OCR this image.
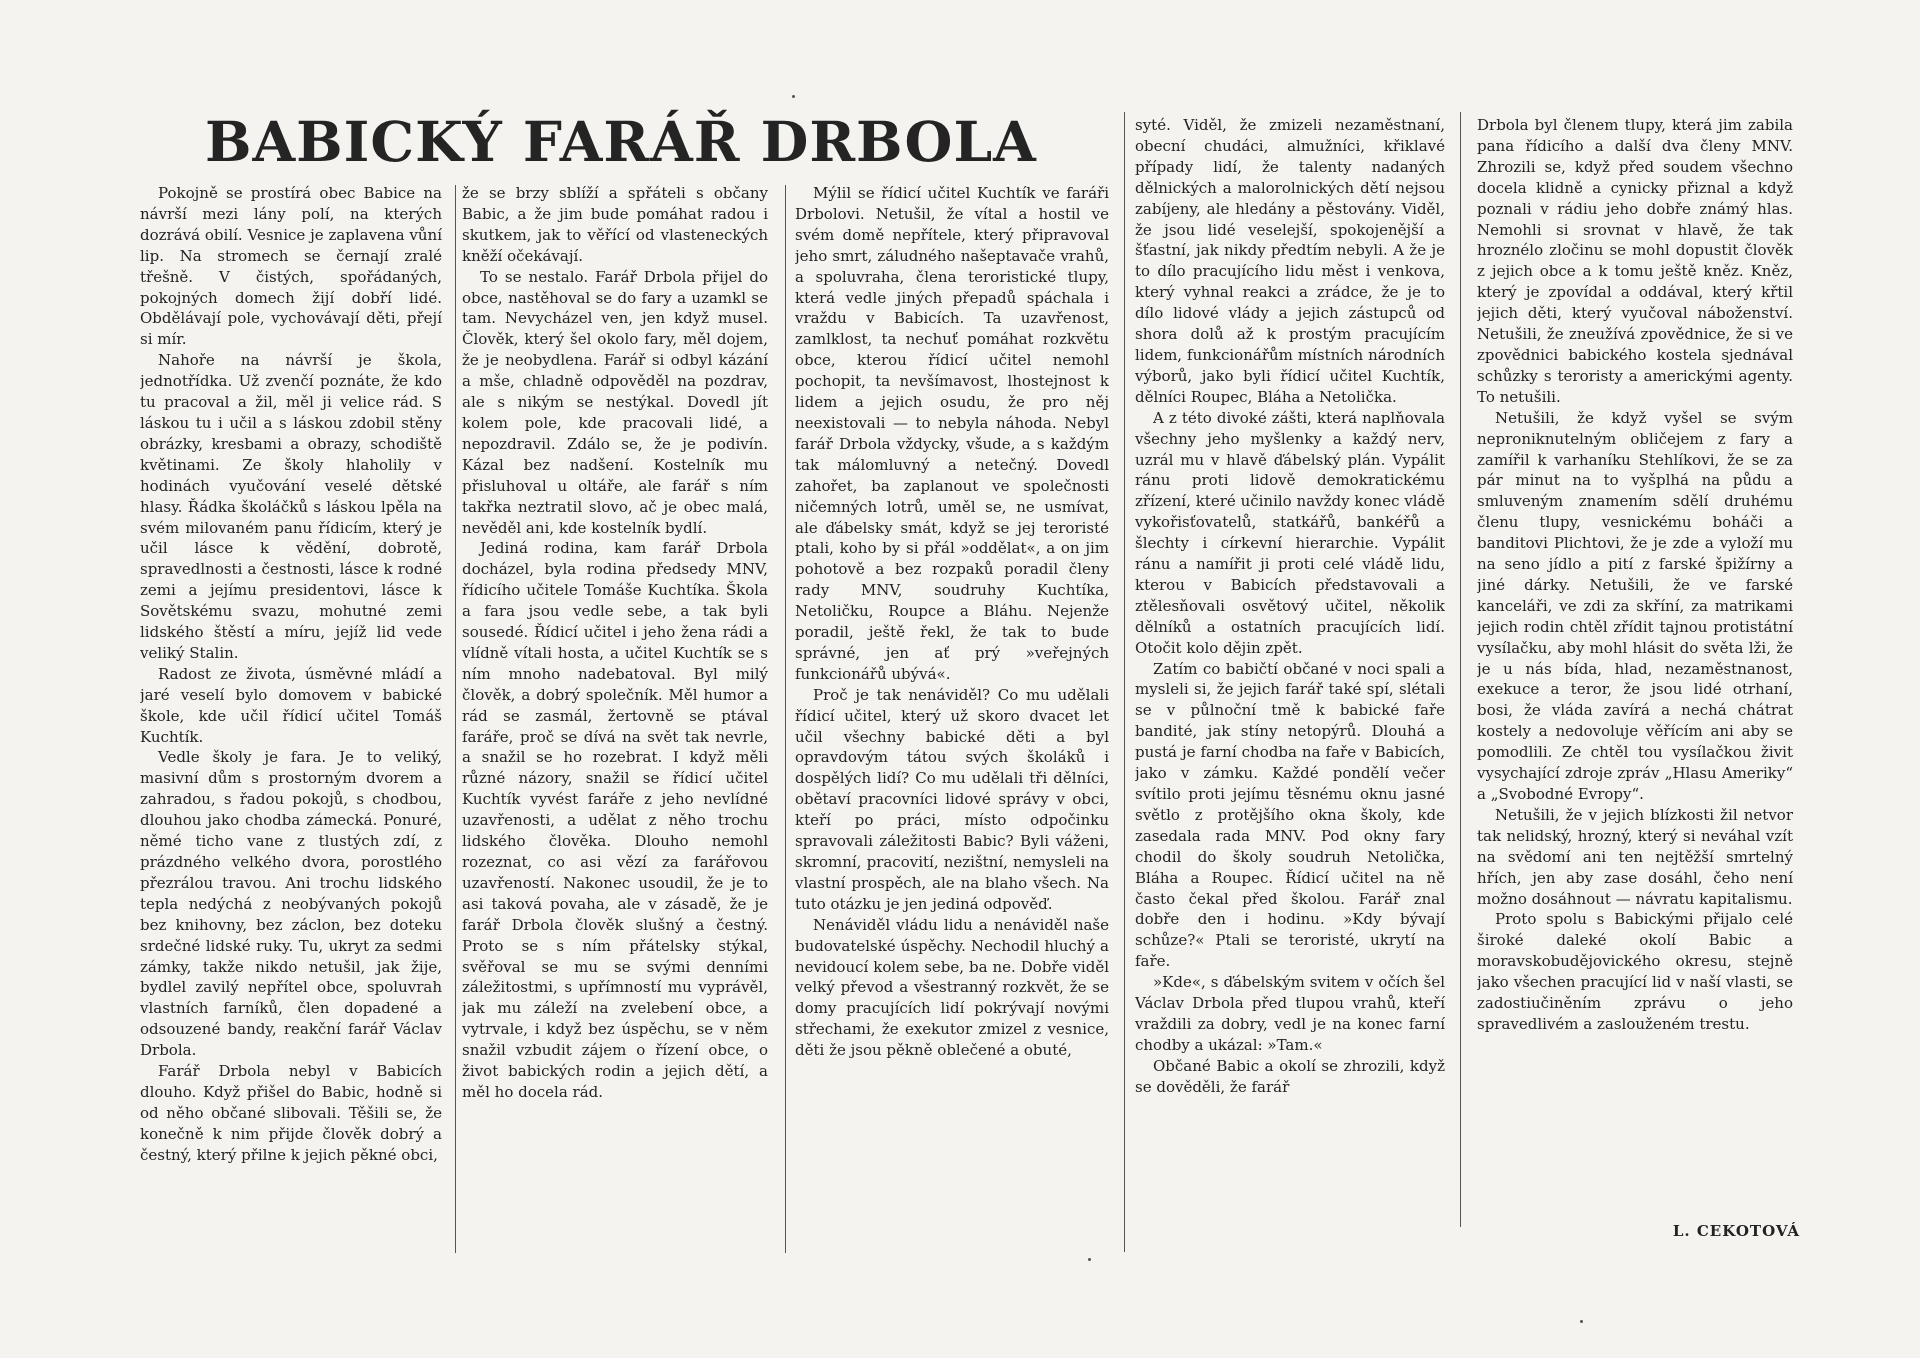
BABICKÝ FARÁŘ DRBOLA

Pokojně se prostírá obec Babice na návrší mezi lány polí, na kterých dozrává obilí. Vesnice je zaplavena vůní lip. Na stromech se černají zralé třešně. V čistých, spořádaných, pokojných domech žijí dobří lidé. Obdělávají pole, vychovávají děti, přejí si mír.

Nahoře na návrší je škola, jednotřídka. Už zvenčí poznáte, že kdo tu pracoval a žil, měl ji velice rád. S láskou tu i učil a s láskou zdobil stěny obrázky, kresbami a obrazy, schodiště květinami. Ze školy hlaholily v hodinách vyučování veselé dětské hlasy. Řádka školáčků s láskou lpěla na svém milovaném panu řídicím, který je učil lásce k vědění, dobrotě, spravedlnosti a čestnosti, lásce k rodné zemi a jejímu presidentovi, lásce k Sovětskému svazu, mohutné zemi lidského štěstí a míru, jejíž lid vede veliký Stalin.

Radost ze života, úsměvné mládí a jaré veselí bylo domovem v babické škole, kde učil řídicí učitel Tomáš Kuchtík.

Vedle školy je fara. Je to veliký, masivní dům s prostorným dvorem a zahradou, s řadou pokojů, s chodbou, dlouhou jako chodba zámecká. Ponuré, němé ticho vane z tlustých zdí, z prázdného velkého dvora, porostlého přezrálou travou. Ani trochu lidského tepla nedýchá z neobývaných pokojů bez knihovny, bez záclon, bez doteku srdečné lidské ruky. Tu, ukryt za sedmi zámky, takže nikdo netušil, jak žije, bydlel zavilý nepřítel obce, spoluvrah vlastních farníků, člen dopadené a odsouzené bandy, reakční farář Václav Drbola.

Farář Drbola nebyl v Babicích dlouho. Když přišel do Babic, hodně si od něho občané slibovali. Těšili se, že konečně k nim přijde člověk dobrý a čestný, který přilne k jejich pěkné obci,

že se brzy sblíží a spřáteli s občany Babic, a že jim bude pomáhat radou i skutkem, jak to věřící od vlasteneckých kněží očekávají.

To se nestalo. Farář Drbola přijel do obce, nastěhoval se do fary a uzamkl se tam. Nevycházel ven, jen když musel. Člověk, který šel okolo fary, měl dojem, že je neobydlena. Farář si odbyl kázání a mše, chladně odpověděl na pozdrav, ale s nikým se nestýkal. Dovedl jít kolem pole, kde pracovali lidé, a nepozdravil. Zdálo se, že je podivín. Kázal bez nadšení. Kostelník mu přisluhoval u oltáře, ale farář s ním takřka neztratil slovo, ač je obec malá, nevěděl ani, kde kostelník bydlí.

Jediná rodina, kam farář Drbola docházel, byla rodina předsedy MNV, řídicího učitele Tomáše Kuchtíka. Škola a fara jsou vedle sebe, a tak byli sousedé. Řídicí učitel i jeho žena rádi a vlídně vítali hosta, a učitel Kuchtík se s ním mnoho nadebatoval. Byl milý člověk, a dobrý společník. Měl humor a rád se zasmál, žertovně se ptával faráře, proč se dívá na svět tak nevrle, a snažil se ho rozebrat. I když měli různé názory, snažil se řídicí učitel Kuchtík vyvést faráře z jeho nevlídné uzavřenosti, a udělat z něho trochu lidského člověka. Dlouho nemohl rozeznat, co asi vězí za farářovou uzavřeností. Nakonec usoudil, že je to asi taková povaha, ale v zásadě, že je farář Drbola člověk slušný a čestný. Proto se s ním přátelsky stýkal, svěřoval se mu se svými denními záležitostmi, s upřímností mu vyprávěl, jak mu záleží na zvelebení obce, a vytrvale, i když bez úspěchu, se v něm snažil vzbudit zájem o řízení obce, o život babických rodin a jejich dětí, a měl ho docela rád.

Mýlil se řídicí učitel Kuchtík ve faráři Drbolovi. Netušil, že vítal a hostil ve svém domě nepřítele, který připravoval jeho smrt, záludného našeptavače vrahů, a spoluvraha, člena teroristické tlupy, která vedle jiných přepadů spáchala i vraždu v Babicích. Ta uzavřenost, zamlklost, ta nechuť pomáhat rozkvětu obce, kterou řídicí učitel nemohl pochopit, ta nevšímavost, lhostejnost k lidem a jejich osudu, že pro něj neexistovali — to nebyla náhoda. Nebyl farář Drbola vždycky, všude, a s každým tak málomluvný a netečný. Dovedl zahořet, ba zaplanout ve společnosti ničemných lotrů, uměl se, ne usmívat, ale ďábelsky smát, když se jej teroristé ptali, koho by si přál »oddělat«, a on jim pohotově a bez rozpaků poradil členy rady MNV, soudruhy Kuchtíka, Netoličku, Roupce a Bláhu. Nejenže poradil, ještě řekl, že tak to bude správné, jen ať prý »veřejných funkcionářů ubývá«.

Proč je tak nenáviděl? Co mu udělali řídicí učitel, který už skoro dvacet let učil všechny babické děti a byl opravdovým tátou svých školáků i dospělých lidí? Co mu udělali tři dělníci, obětaví pracovníci lidové správy v obci, kteří po práci, místo odpočinku spravovali záležitosti Babic? Byli váženi, skromní, pracovití, nezištní, nemysleli na vlastní prospěch, ale na blaho všech. Na tuto otázku je jen jediná odpověď.

Nenáviděl vládu lidu a nenáviděl naše budovatelské úspěchy. Nechodil hluchý a nevidoucí kolem sebe, ba ne. Dobře viděl velký převod a všestranný rozkvět, že se domy pracujících lidí pokrývají novými střechami, že exekutor zmizel z vesnice, děti že jsou pěkně oblečené a obuté,

syté. Viděl, že zmizeli nezaměstnaní, obecní chudáci, almužníci, křiklavé případy lidí, že talenty nadaných dělnických a malorolnických dětí nejsou zabíjeny, ale hledány a pěstovány. Viděl, že jsou lidé veselejší, spokojenější a šťastní, jak nikdy předtím nebyli. A že je to dílo pracujícího lidu měst i venkova, který vyhnal reakci a zrádce, že je to dílo lidové vlády a jejich zástupců od shora dolů až k prostým pracujícím lidem, funkcionářům místních národních výborů, jako byli řídicí učitel Kuchtík, dělníci Roupec, Bláha a Netolička.

A z této divoké zášti, která naplňovala všechny jeho myšlenky a každý nerv, uzrál mu v hlavě ďábelský plán. Vypálit ránu proti lidově demokratickému zřízení, které učinilo navždy konec vládě vykořisťovatelů, statkářů, bankéřů a šlechty i církevní hierarchie. Vypálit ránu a namířit ji proti celé vládě lidu, kterou v Babicích představovali a ztělesňovali osvětový učitel, několik dělníků a ostatních pracujících lidí. Otočit kolo dějin zpět.

Zatím co babičtí občané v noci spali a mysleli si, že jejich farář také spí, slétali se v půlnoční tmě k babické faře bandité, jak stíny netopýrů. Dlouhá a pustá je farní chodba na faře v Babicích, jako v zámku. Každé pondělí večer svítilo proti jejímu těsnému oknu jasné světlo z protějšího okna školy, kde zasedala rada MNV. Pod okny fary chodil do školy soudruh Netolička, Bláha a Roupec. Řídicí učitel na ně často čekal před školou. Farář znal dobře den i hodinu. »Kdy bývají schůze?« Ptali se teroristé, ukrytí na faře.

»Kde«, s ďábelským svitem v očích šel Václav Drbola před tlupou vrahů, kteří vraždili za dobry, vedl je na konec farní chodby a ukázal: »Tam.«

Občané Babic a okolí se zhrozili, když se dověděli, že farář

Drbola byl členem tlupy, která jim zabila pana řídicího a další dva členy MNV. Zhrozili se, když před soudem všechno docela klidně a cynicky přiznal a když poznali v rádiu jeho dobře známý hlas. Nemohli si srovnat v hlavě, že tak hroznélo zločinu se mohl dopustit člověk z jejich obce a k tomu ještě kněz. Kněz, který je zpovídal a oddával, který křtil jejich děti, který vyučoval náboženství. Netušili, že zneužívá zpovědnice, že si ve zpovědnici babického kostela sjednával schůzky s teroristy a americkými agenty. To netušili.

Netušili, že když vyšel se svým neproniknutelným obličejem z fary a zamířil k varhaníku Stehlíkovi, že se za pár minut na to vyšplhá na půdu a smluveným znamením sdělí druhému členu tlupy, vesnickému boháči a banditovi Plichtovi, že je zde a vyloží mu na seno jídlo a pití z farské špižírny a jiné dárky. Netušili, že ve farské kanceláři, ve zdi za skříní, za matrikami jejich rodin chtěl zřídit tajnou protistátní vysílačku, aby mohl hlásit do světa lži, že je u nás bída, hlad, nezaměstnanost, exekuce a teror, že jsou lidé otrhaní, bosi, že vláda zavírá a nechá chátrat kostely a nedovoluje věřícím ani aby se pomodlili. Ze chtěl tou vysílačkou živit vysychající zdroje zpráv „Hlasu Ameriky“ a „Svobodné Evropy“.

Netušili, že v jejich blízkosti žil netvor tak nelidský, hrozný, který si neváhal vzít na svědomí ani ten nejtěžší smrtelný hřích, jen aby zase dosáhl, čeho není možno dosáhnout — návratu kapitalismu.

Proto spolu s Babickými přijalo celé široké daleké okolí Babic a moravskobudějovického okresu, stejně jako všechen pracující lid v naší vlasti, se zadostiučiněním zprávu o jeho spravedlivém a zaslouženém trestu.

L. CEKOTOVÁ
